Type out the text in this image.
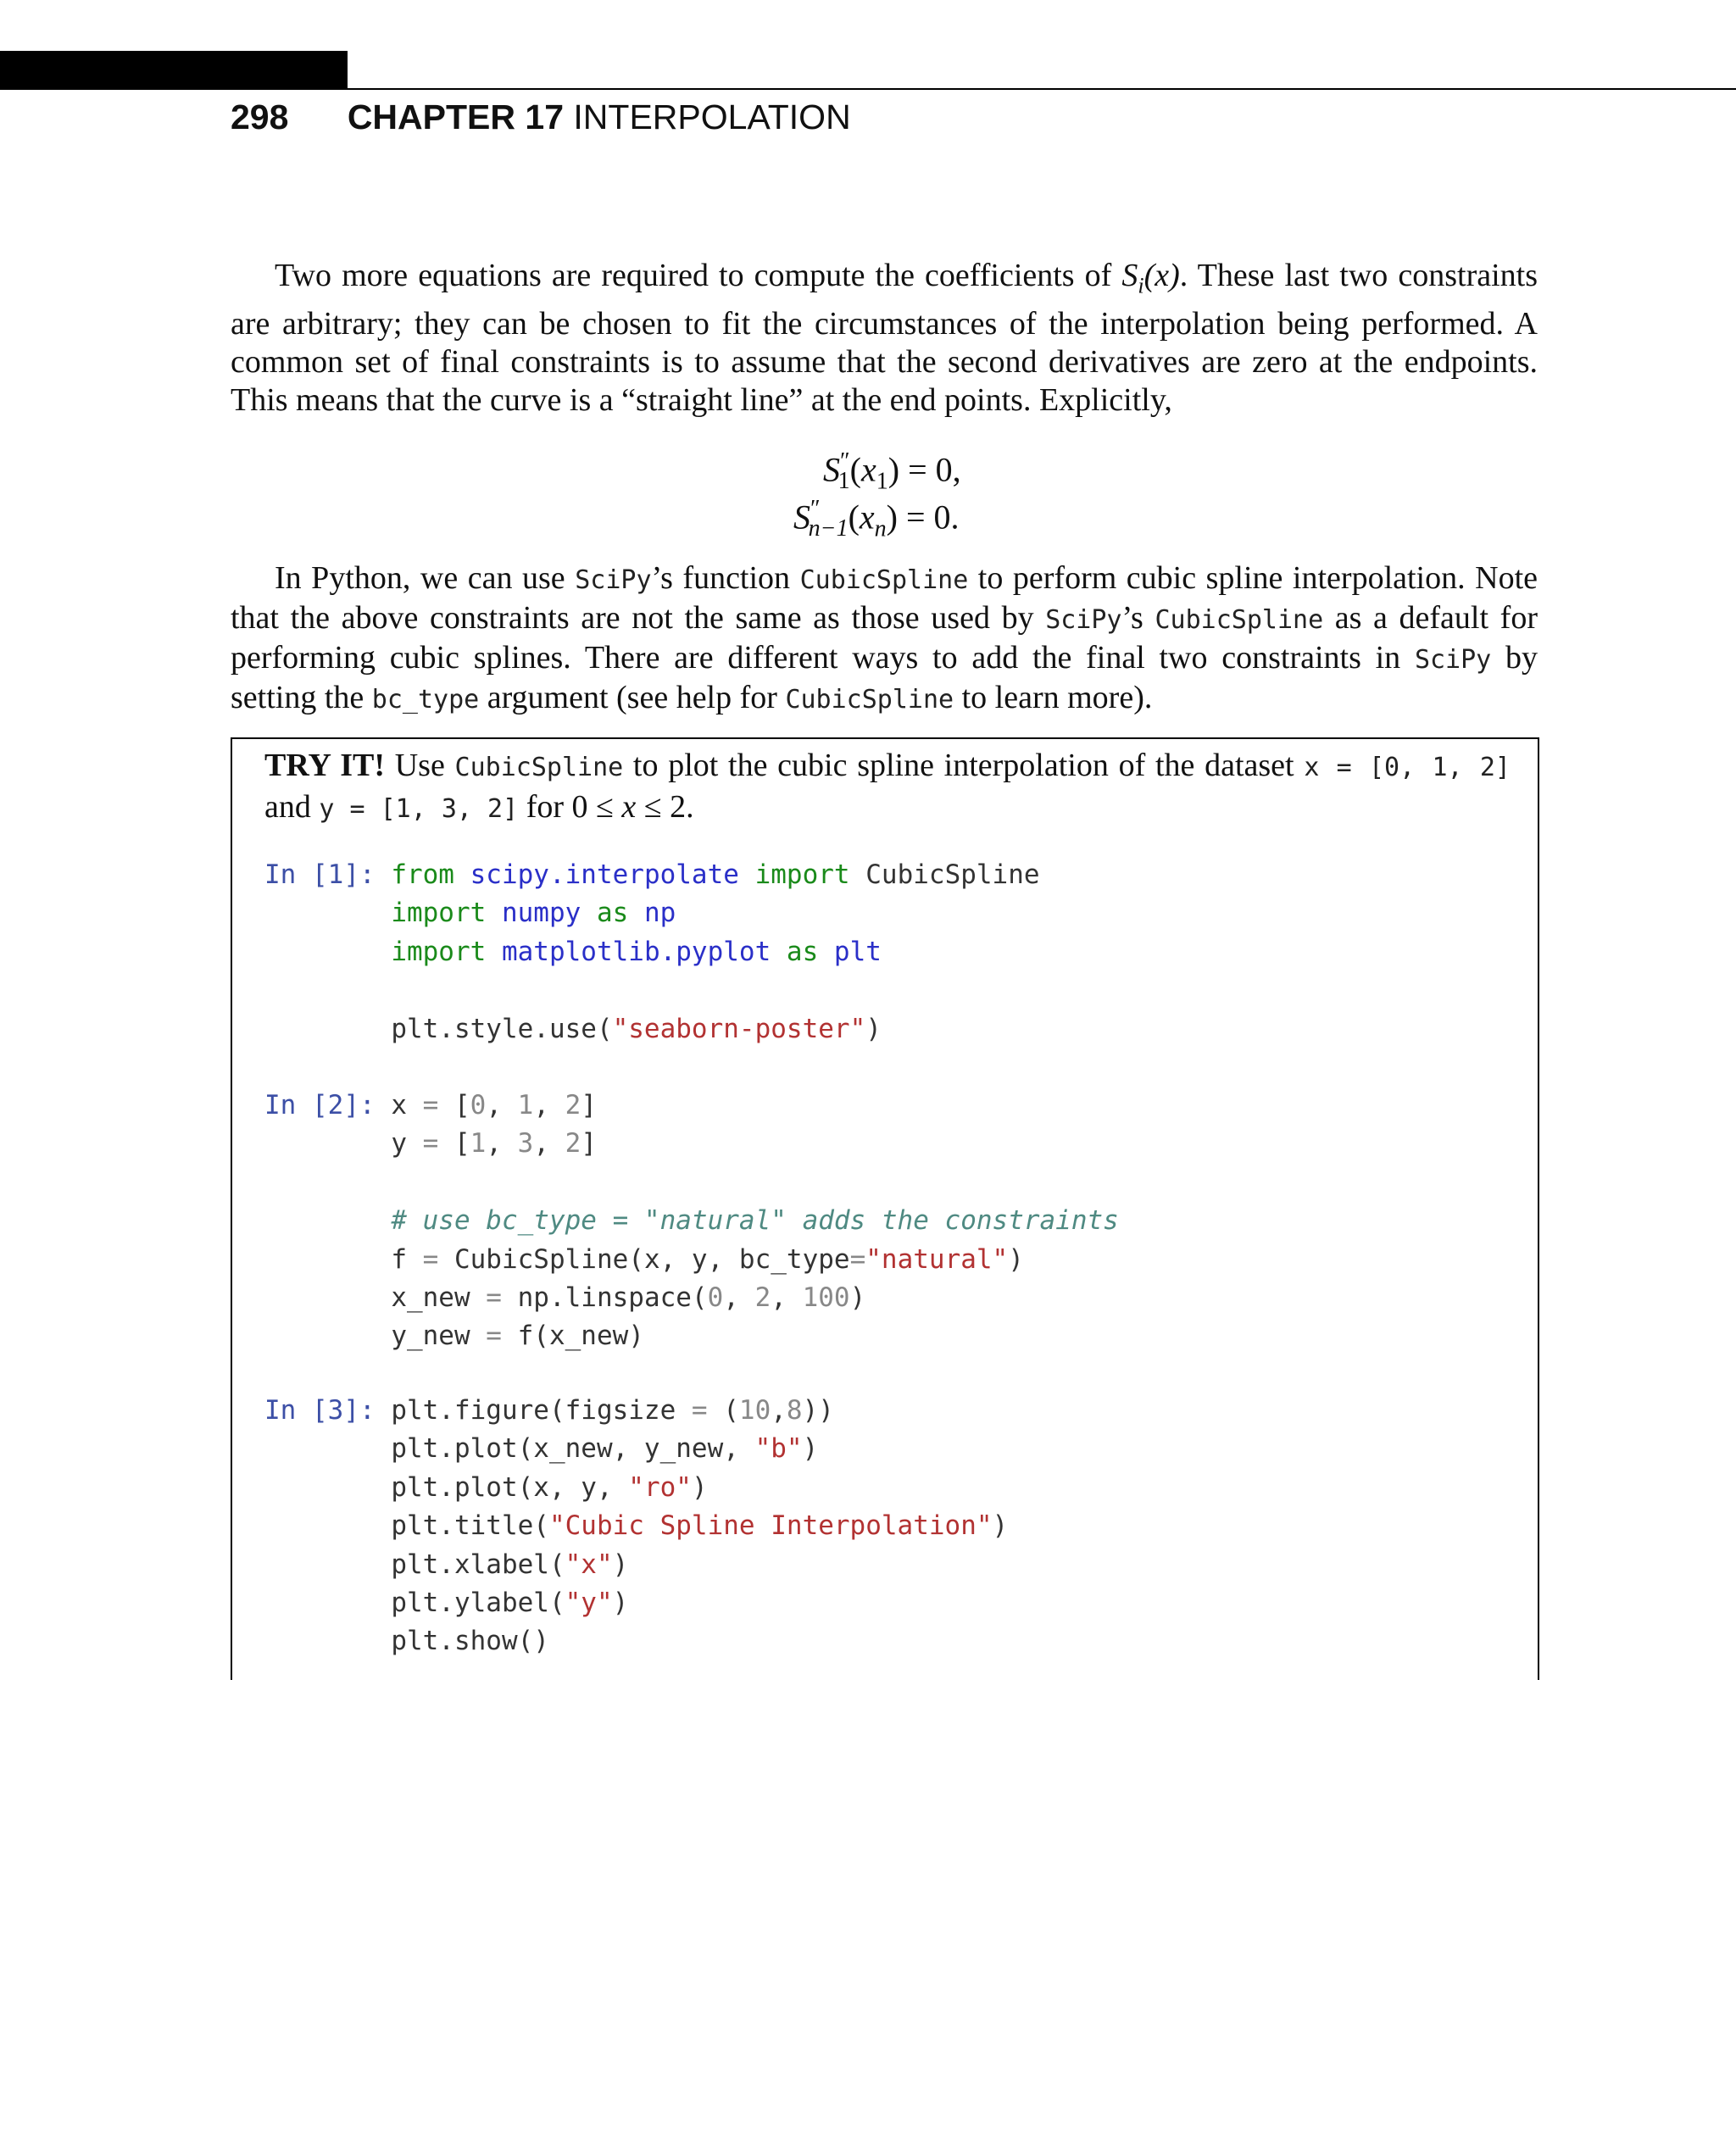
298 CHAPTER 17 INTERPOLATION
Two more equations are required to compute the coefficients of $S_i(x)$. These last two constraints are arbitrary; they can be chosen to fit the circumstances of the interpolation being performed. A common set of final constraints is to assume that the second derivatives are zero at the endpoints. This means that the curve is a “straight line” at the end points. Explicitly,
$S''_1(x_1) = 0$,
$S''_{n-1}(x_n) = 0$.
In Python, we can use SciPy’s function CubicSpline to perform cubic spline interpolation. Note that the above constraints are not the same as those used by SciPy’s CubicSpline as a default for performing cubic splines. There are different ways to add the final two constraints in SciPy by setting the bc_type argument (see help for CubicSpline to learn more).
TRY IT! Use CubicSpline to plot the cubic spline interpolation of the dataset x = [0, 1, 2] and y = [1, 3, 2] for 0 ≤ x ≤ 2.
In [1]: from scipy.interpolate import CubicSpline
import numpy as np
import matplotlib.pyplot as plt

plt.style.use("seaborn-poster")
In [2]: x = [0, 1, 2]
y = [1, 3, 2]

# use bc_type = "natural" adds the constraints
f = CubicSpline(x, y, bc_type="natural")
x_new = np.linspace(0, 2, 100)
y_new = f(x_new)
In [3]: plt.figure(figsize = (10,8))
plt.plot(x_new, y_new, "b")
plt.plot(x, y, "ro")
plt.title("Cubic Spline Interpolation")
plt.xlabel("x")
plt.ylabel("y")
plt.show()
